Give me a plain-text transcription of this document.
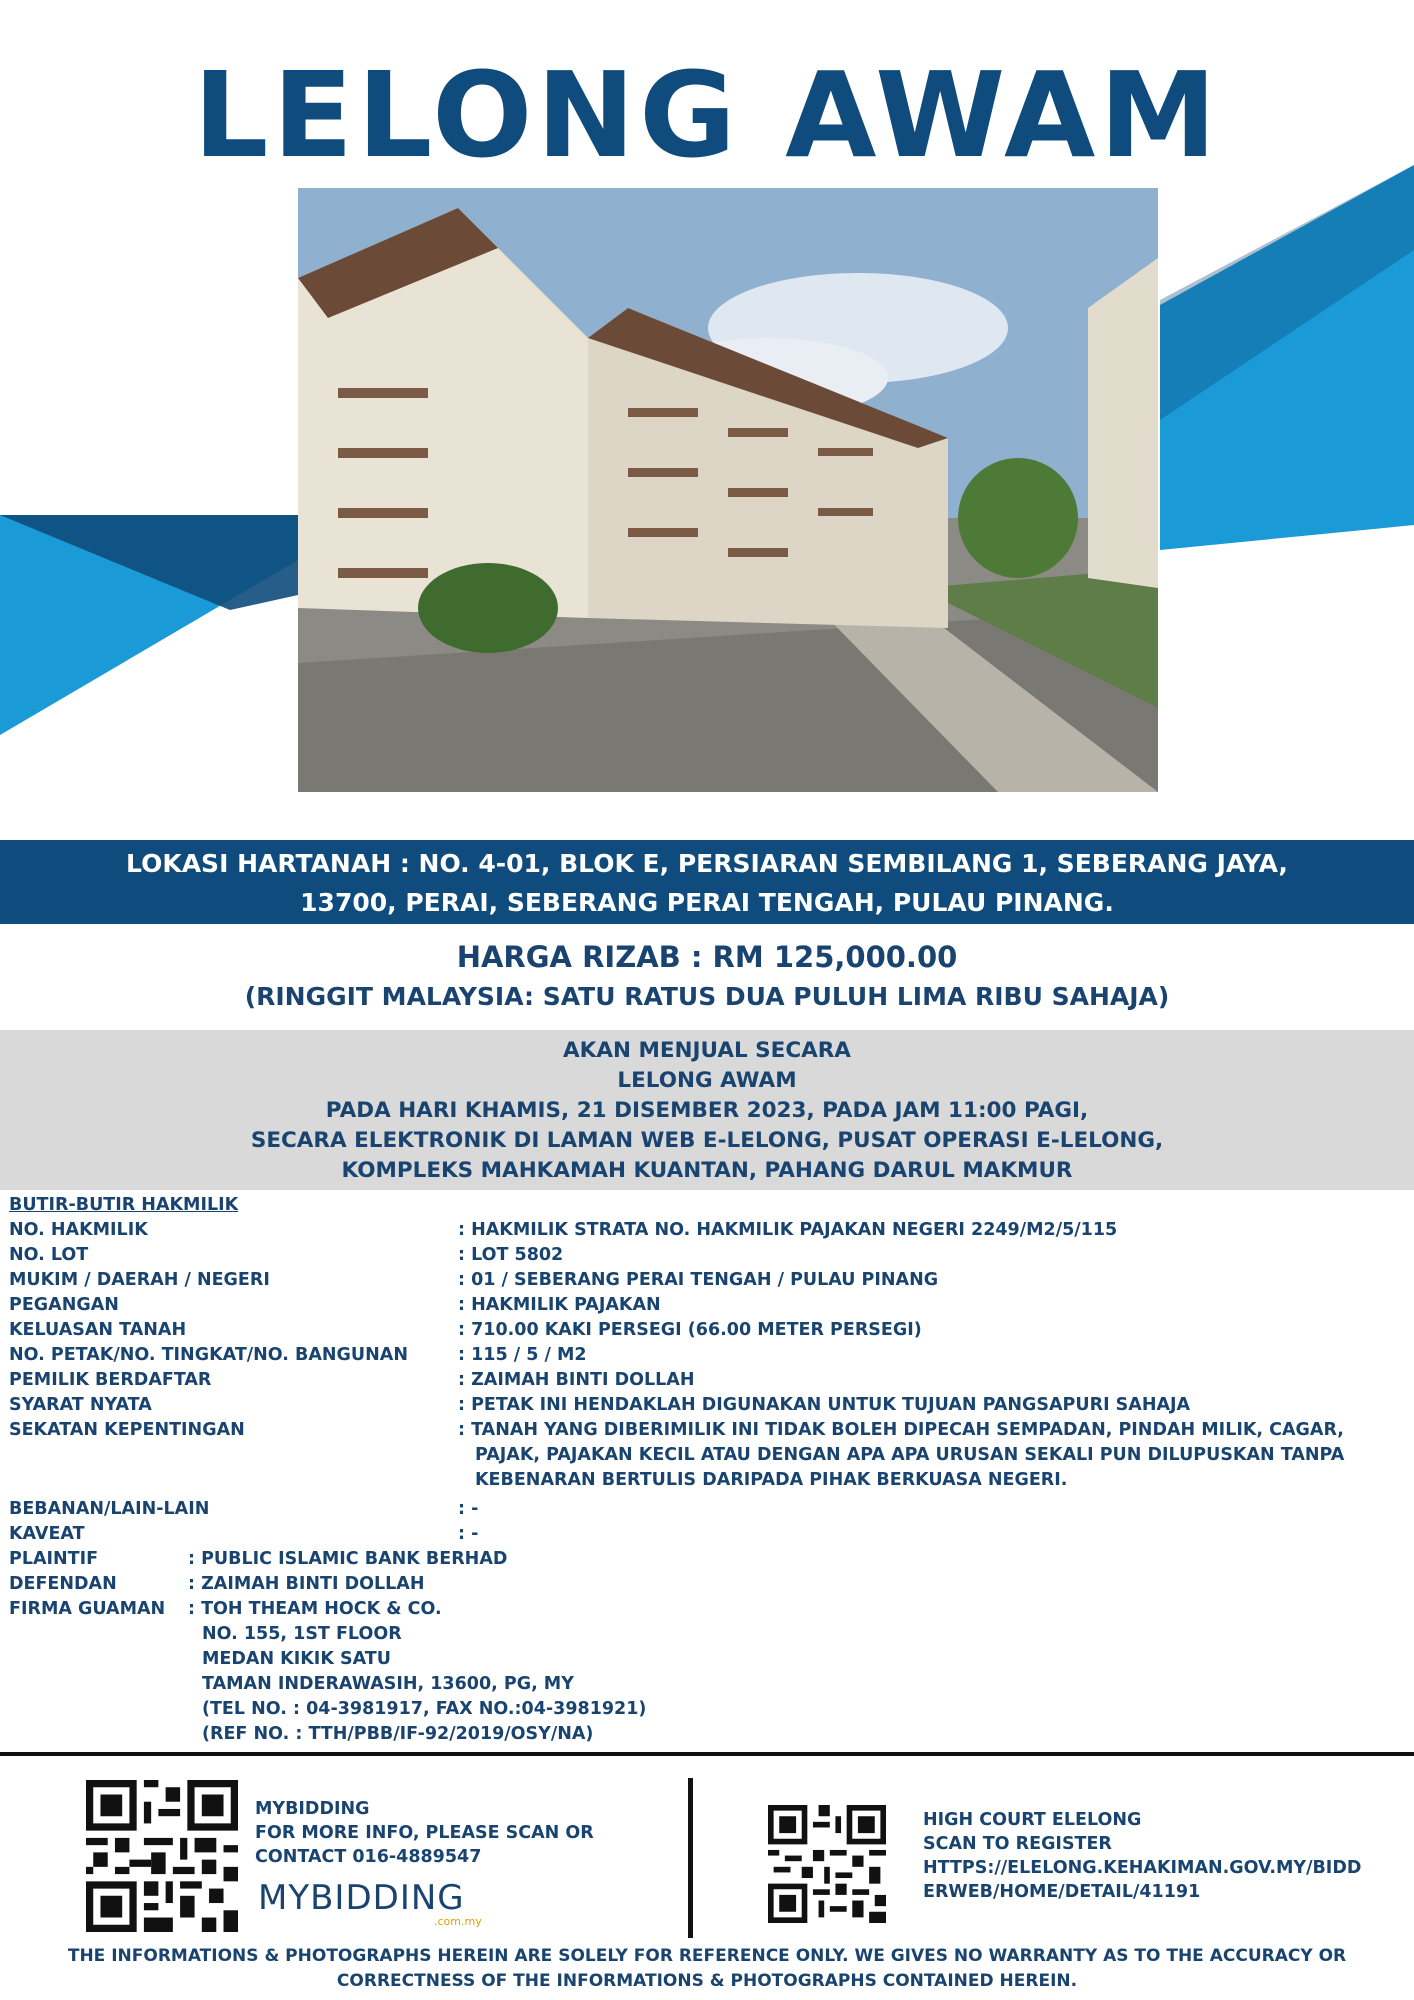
LELONG AWAM
LOKASI HARTANAH : NO. 4-01, BLOK E, PERSIARAN SEMBILANG 1, SEBERANG JAYA,
13700, PERAI, SEBERANG PERAI TENGAH, PULAU PINANG.
HARGA RIZAB : RM 125,000.00
(RINGGIT MALAYSIA: SATU RATUS DUA PULUH LIMA RIBU SAHAJA)
AKAN MENJUAL SECARA
LELONG AWAM
PADA HARI KHAMIS, 21 DISEMBER 2023, PADA JAM 11:00 PAGI,
SECARA ELEKTRONIK DI LAMAN WEB E-LELONG, PUSAT OPERASI E-LELONG,
KOMPLEKS MAHKAMAH KUANTAN, PAHANG DARUL MAKMUR
BUTIR-BUTIR HAKMILIK
NO. HAKMILIK	: HAKMILIK STRATA NO. HAKMILIK PAJAKAN NEGERI 2249/M2/5/115
NO. LOT	: LOT 5802
MUKIM / DAERAH / NEGERI	: 01 / SEBERANG PERAI TENGAH / PULAU PINANG
PEGANGAN	: HAKMILIK PAJAKAN
KELUASAN TANAH	: 710.00 KAKI PERSEGI (66.00 METER PERSEGI)
NO. PETAK/NO. TINGKAT/NO. BANGUNAN	: 115 / 5 / M2
PEMILIK BERDAFTAR	: ZAIMAH BINTI DOLLAH
SYARAT NYATA	: PETAK INI HENDAKLAH DIGUNAKAN UNTUK TUJUAN PANGSAPURI SAHAJA
SEKATAN KEPENTINGAN	: TANAH YANG DIBERIMILIK INI TIDAK BOLEH DIPECAH SEMPADAN, PINDAH MILIK, CAGAR,
PAJAK, PAJAKAN KECIL ATAU DENGAN APA APA URUSAN SEKALI PUN DILUPUSKAN TANPA
KEBENARAN BERTULIS DARIPADA PIHAK BERKUASA NEGERI.
BEBANAN/LAIN-LAIN	: -
KAVEAT	: -
PLAINTIF	: PUBLIC ISLAMIC BANK BERHAD
DEFENDAN	: ZAIMAH BINTI DOLLAH
FIRMA GUAMAN : TOH THEAM HOCK & CO.
NO. 155, 1ST FLOOR
MEDAN KIKIK SATU
TAMAN INDERAWASIH, 13600, PG, MY
(TEL NO. : 04-3981917, FAX NO.:04-3981921)
(REF NO. : TTH/PBB/IF-92/2019/OSY/NA)
MYBIDDING
FOR MORE INFO, PLEASE SCAN OR
CONTACT 016-4889547
MYBIDDING
.com.my
HIGH COURT ELELONG
SCAN TO REGISTER
HTTPS://ELELONG.KEHAKIMAN.GOV.MY/BIDD
ERWEB/HOME/DETAIL/41191
THE INFORMATIONS & PHOTOGRAPHS HEREIN ARE SOLELY FOR REFERENCE ONLY. WE GIVES NO WARRANTY AS TO THE ACCURACY OR
CORRECTNESS OF THE INFORMATIONS & PHOTOGRAPHS CONTAINED HEREIN.
